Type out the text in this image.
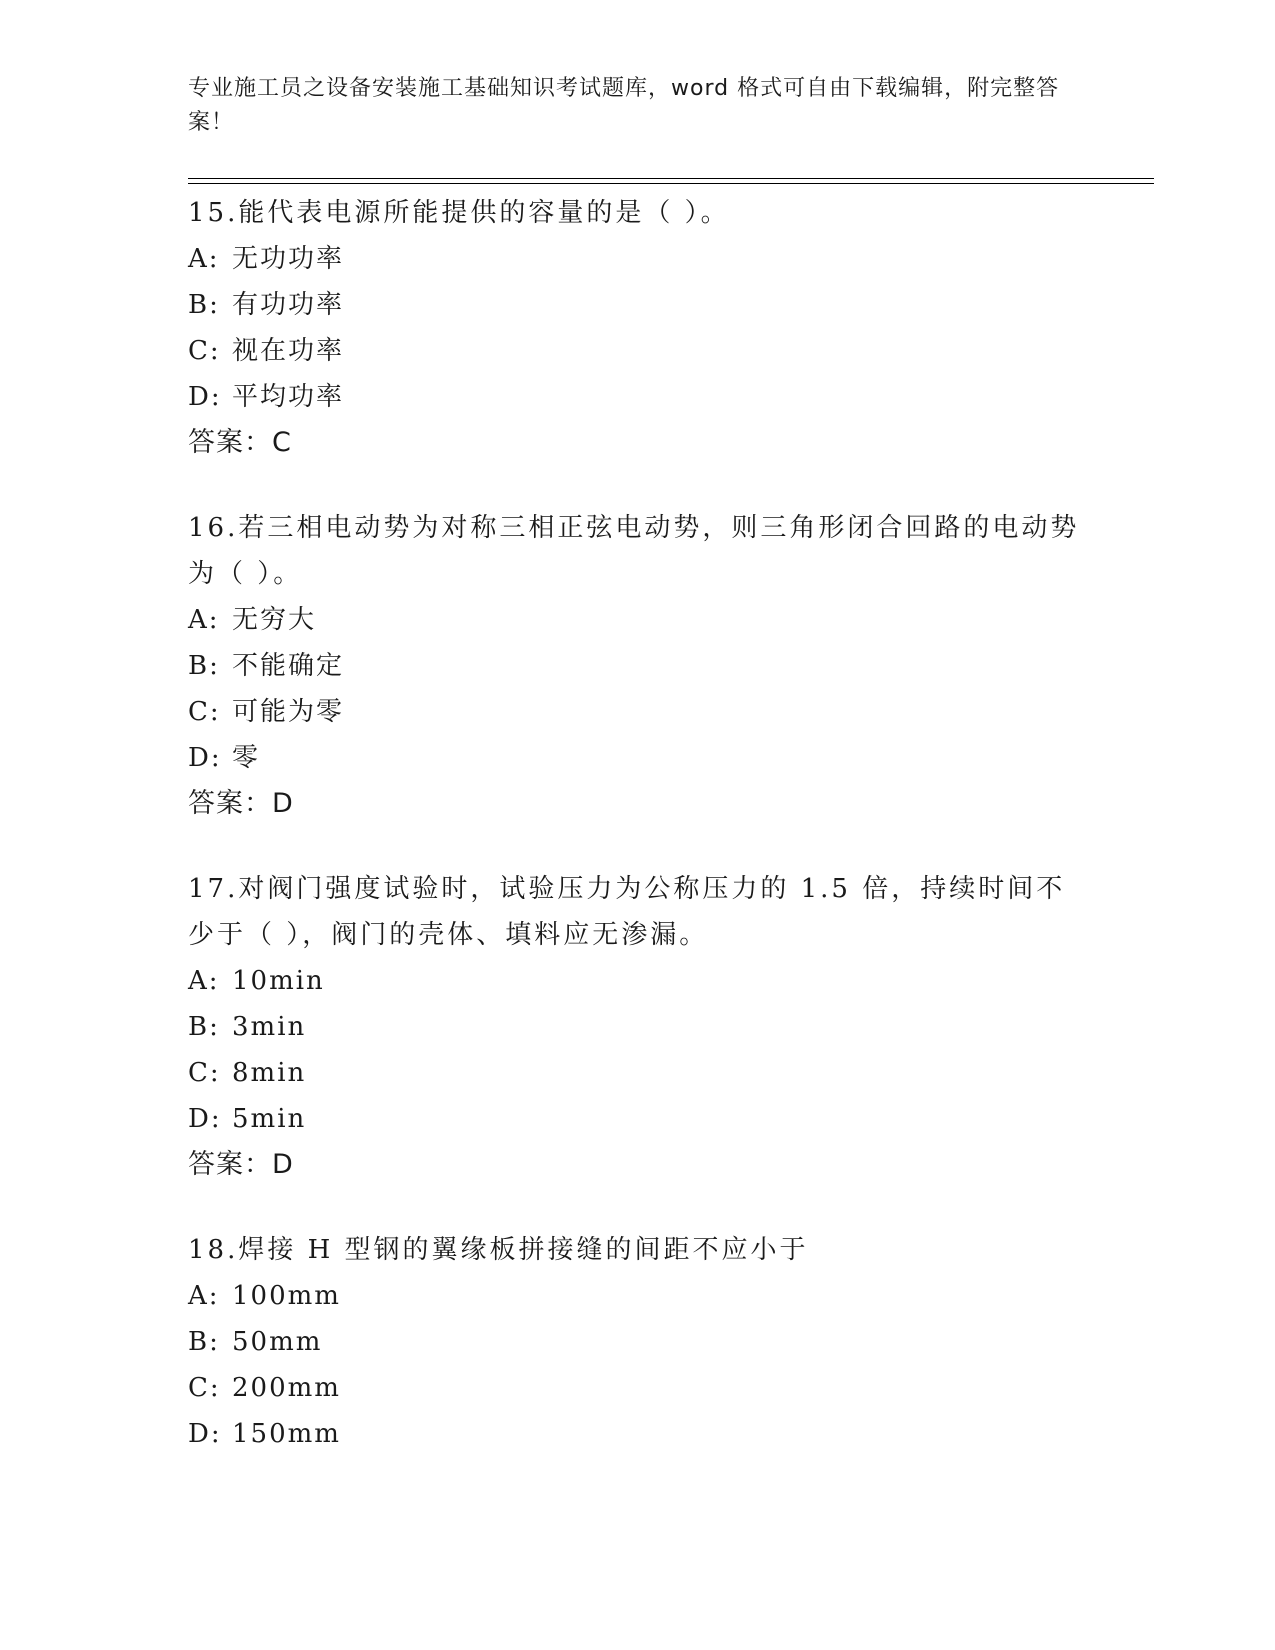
专业施工员之设备安装施工基础知识考试题库，word 格式可自由下载编辑，附完整答案！
15.能代表电源所能提供的容量的是（ ）。
A: 无功功率
B: 有功功率
C: 视在功率
D: 平均功率
答案：C
16.若三相电动势为对称三相正弦电动势，则三角形闭合回路的电动势为（ ）。
A: 无穷大
B: 不能确定
C: 可能为零
D: 零
答案：D
17.对阀门强度试验时，试验压力为公称压力的 1.5 倍，持续时间不少于（ ），阀门的壳体、填料应无渗漏。
A: 10min
B: 3min
C: 8min
D: 5min
答案：D
18.焊接 H 型钢的翼缘板拼接缝的间距不应小于
A: 100mm
B: 50mm
C: 200mm
D: 150mm
